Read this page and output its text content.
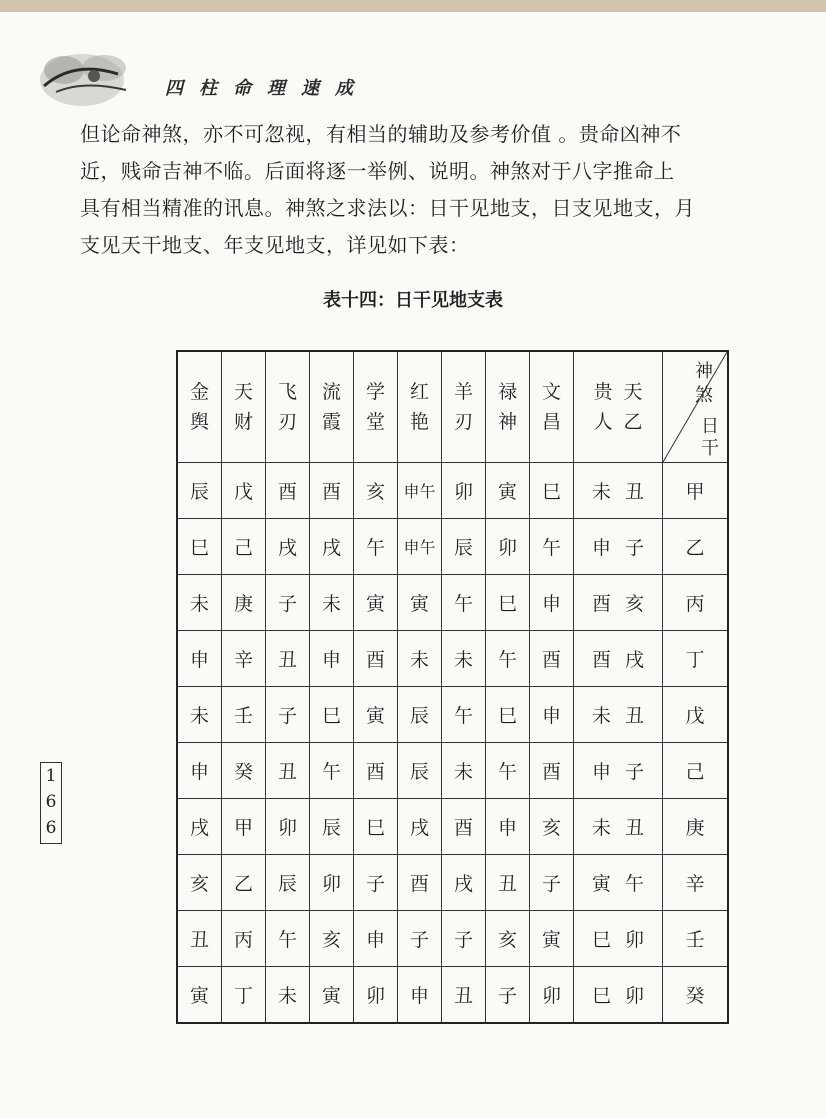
四柱命理速成

但论命神煞，亦不可忽视，有相当的辅助及参考价值 。贵命凶神不

近，贱命吉神不临。后面将逐一举例、说明。神煞对于八字推命上

具有相当精准的讯息。神煞之求法以：日干见地支，日支见地支，月

支见天干地支、年支见地支，详见如下表：

表十四：日干见地支表
金舆	天财	飞刃	流霞	学堂	红艳	羊刃	禄神	文昌	贵人天乙	神煞
日干

辰	戊	酉	酉	亥	申午	卯	寅	巳	未 丑	甲
巳	己	戌	戌	午	申午	辰	卯	午	申 子	乙
未	庚	子	未	寅	寅	午	巳	申	酉 亥	丙
申	辛	丑	申	酉	未	未	午	酉	酉 戌	丁
未	壬	子	巳	寅	辰	午	巳	申	未 丑	戊
申	癸	丑	午	酉	辰	未	午	酉	申 子	己
戌	甲	卯	辰	巳	戌	酉	申	亥	未 丑	庚
亥	乙	辰	卯	子	酉	戌	丑	子	寅 午	辛
丑	丙	午	亥	申	子	子	亥	寅	巳 卯	壬
寅	丁	未	寅	卯	申	丑	子	卯	巳 卯	癸
1
6
6
